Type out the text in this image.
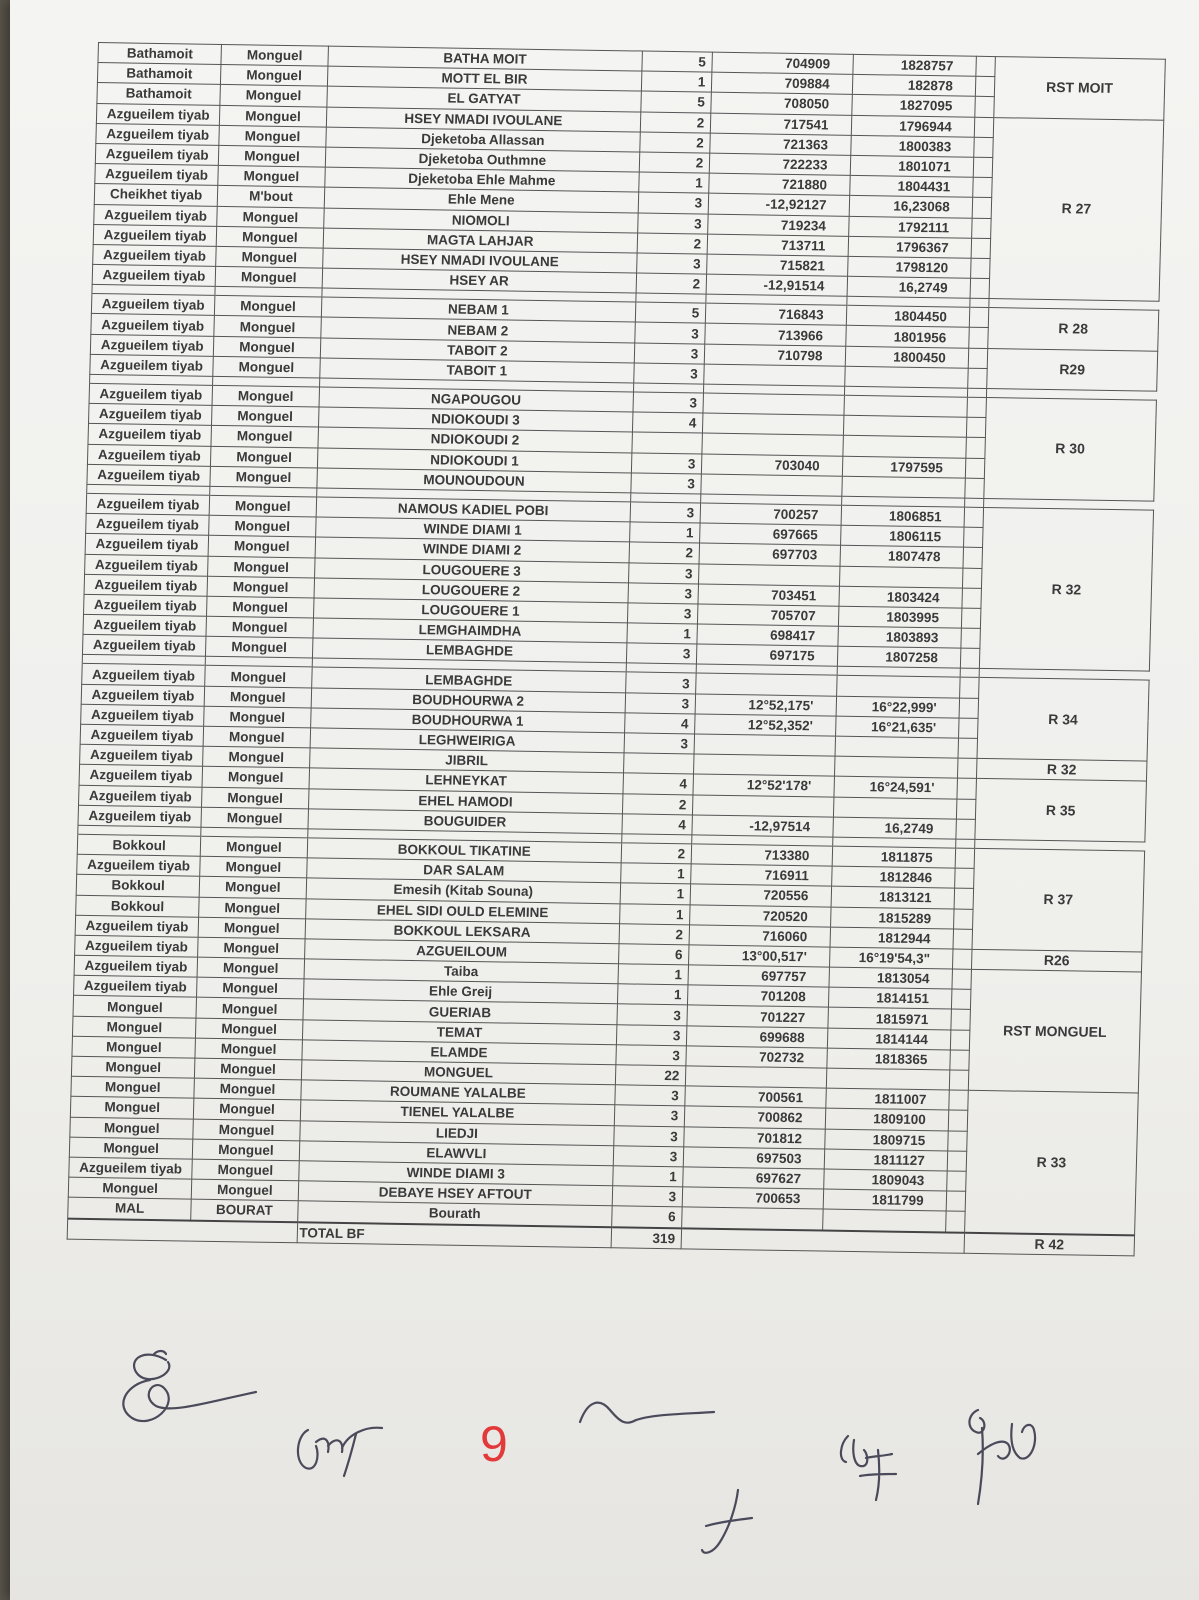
Bathamoit	Monguel	BATHA MOIT	5	704909	1828757		RST MOIT
Bathamoit	Monguel	MOTT EL BIR	1	709884	182878		
Bathamoit	Monguel	EL GATYAT	5	708050	1827095		
Azgueilem tiyab	Monguel	HSEY NMADI IVOULANE	2	717541	1796944		R 27
Azgueilem tiyab	Monguel	Djeketoba Allassan	2	721363	1800383		
Azgueilem tiyab	Monguel	Djeketoba Outhmne	2	722233	1801071		
Azgueilem tiyab	Monguel	Djeketoba Ehle Mahme	1	721880	1804431		
Cheikhet tiyab	M'bout	Ehle Mene	3	-12,92127	16,23068		
Azgueilem tiyab	Monguel	NIOMOLI	3	719234	1792111		
Azgueilem tiyab	Monguel	MAGTA LAHJAR	2	713711	1796367		
Azgueilem tiyab	Monguel	HSEY NMADI IVOULANE	3	715821	1798120		
Azgueilem tiyab	Monguel	HSEY AR	2	-12,91514	16,2749		

Azgueilem tiyab	Monguel	NEBAM 1	5	716843	1804450		R 28
Azgueilem tiyab	Monguel	NEBAM 2	3	713966	1801956		
Azgueilem tiyab	Monguel	TABOIT 2	3	710798	1800450		R29
Azgueilem tiyab	Monguel	TABOIT 1	3				

Azgueilem tiyab	Monguel	NGAPOUGOU	3				R 30
Azgueilem tiyab	Monguel	NDIOKOUDI 3	4				
Azgueilem tiyab	Monguel	NDIOKOUDI 2					
Azgueilem tiyab	Monguel	NDIOKOUDI 1	3	703040	1797595		
Azgueilem tiyab	Monguel	MOUNOUDOUN	3				

Azgueilem tiyab	Monguel	NAMOUS KADIEL POBI	3	700257	1806851		R 32
Azgueilem tiyab	Monguel	WINDE DIAMI 1	1	697665	1806115		
Azgueilem tiyab	Monguel	WINDE DIAMI 2	2	697703	1807478		
Azgueilem tiyab	Monguel	LOUGOUERE 3	3				
Azgueilem tiyab	Monguel	LOUGOUERE 2	3	703451	1803424		
Azgueilem tiyab	Monguel	LOUGOUERE 1	3	705707	1803995		
Azgueilem tiyab	Monguel	LEMGHAIMDHA	1	698417	1803893		
Azgueilem tiyab	Monguel	LEMBAGHDE	3	697175	1807258		

Azgueilem tiyab	Monguel	LEMBAGHDE	3				R 34
Azgueilem tiyab	Monguel	BOUDHOURWA 2	3	12°52,175'	16°22,999'		
Azgueilem tiyab	Monguel	BOUDHOURWA 1	4	12°52,352'	16°21,635'		
Azgueilem tiyab	Monguel	LEGHWEIRIGA	3				
Azgueilem tiyab	Monguel	JIBRIL					R 32
Azgueilem tiyab	Monguel	LEHNEYKAT	4	12°52'178'	16°24,591'		R 35
Azgueilem tiyab	Monguel	EHEL HAMODI	2				
Azgueilem tiyab	Monguel	BOUGUIDER	4	-12,97514	16,2749		

Bokkoul	Monguel	BOKKOUL TIKATINE	2	713380	1811875		R 37
Azgueilem tiyab	Monguel	DAR SALAM	1	716911	1812846		
Bokkoul	Monguel	Emesih (Kitab Souna)	1	720556	1813121		
Bokkoul	Monguel	EHEL SIDI OULD ELEMINE	1	720520	1815289		
Azgueilem tiyab	Monguel	BOKKOUL LEKSARA	2	716060	1812944		
Azgueilem tiyab	Monguel	AZGUEILOUM	6	13°00,517'	16°19'54,3"		R26
Azgueilem tiyab	Monguel	Taiba	1	697757	1813054		RST MONGUEL
Azgueilem tiyab	Monguel	Ehle Greij	1	701208	1814151		
Monguel	Monguel	GUERIAB	3	701227	1815971		
Monguel	Monguel	TEMAT	3	699688	1814144		
Monguel	Monguel	ELAMDE	3	702732	1818365		
Monguel	Monguel	MONGUEL	22				
Monguel	Monguel	ROUMANE YALALBE	3	700561	1811007		R 33
Monguel	Monguel	TIENEL YALALBE	3	700862	1809100		
Monguel	Monguel	LIEDJI	3	701812	1809715		
Monguel	Monguel	ELAWVLI	3	697503	1811127		
Azgueilem tiyab	Monguel	WINDE DIAMI 3	1	697627	1809043		
Monguel	Monguel	DEBAYE HSEY AFTOUT	3	700653	1811799		
MAL	BOURAT	Bourath	6				
		TOTAL BF	319				R 42
9
